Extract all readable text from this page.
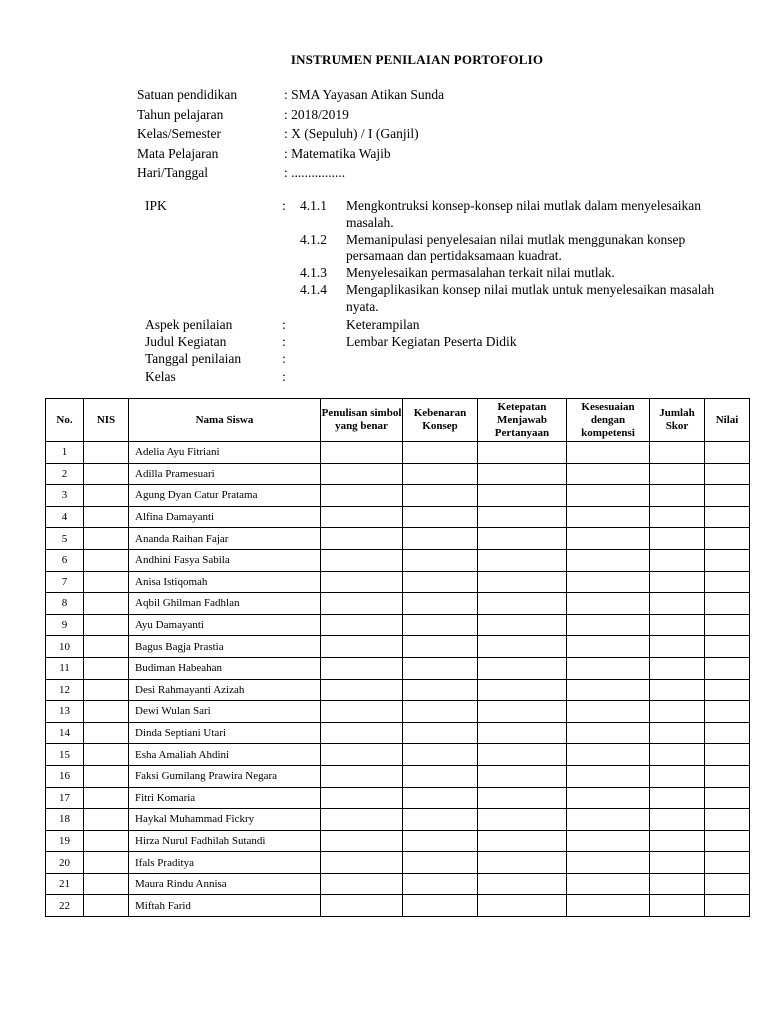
INSTRUMEN PENILAIAN PORTOFOLIO
Satuan pendidikan	: SMA Yayasan Atikan Sunda
Tahun pelajaran	: 2018/2019
Kelas/Semester	: X (Sepuluh) / I (Ganjil)
Mata Pelajaran	: Matematika Wajib
Hari/Tanggal	: ................
IPK	:	4.1.1	Mengkontruksi konsep-konsep nilai mutlak dalam menyelesaikan masalah.
4.1.2	Memanipulasi penyelesaian nilai mutlak menggunakan konsep persamaan dan pertidaksamaan kuadrat.
4.1.3	Menyelesaikan permasalahan terkait nilai mutlak.
4.1.4	Mengaplikasikan konsep nilai mutlak untuk menyelesaikan masalah nyata.
Aspek penilaian	:	Keterampilan
Judul Kegiatan	:	Lembar Kegiatan Peserta Didik
Tanggal penilaian	:
Kelas	:
No.	NIS	Nama Siswa	Penulisan simbol yang benar	Kebenaran Konsep	Ketepatan Menjawab Pertanyaan	Kesesuaian dengan kompetensi	Jumlah Skor	Nilai
1		Adelia Ayu Fitriani						
2		Adilla Pramesuari						
3		Agung Dyan Catur Pratama						
4		Alfina Damayanti						
5		Ananda Raihan Fajar						
6		Andhini Fasya Sabila						
7		Anisa Istiqomah						
8		Aqbil Ghilman Fadhlan						
9		Ayu Damayanti						
10		Bagus Bagja Prastia						
11		Budiman Habeahan						
12		Desi Rahmayanti Azizah						
13		Dewi Wulan Sari						
14		Dinda Septiani Utari						
15		Esha Amaliah Ahdini						
16		Faksi Gumilang Prawira Negara						
17		Fitri Komaria						
18		Haykal Muhammad Fickry						
19		Hirza Nurul Fadhilah Sutandi						
20		Ifals Praditya						
21		Maura Rindu Annisa						
22		Miftah Farid						
